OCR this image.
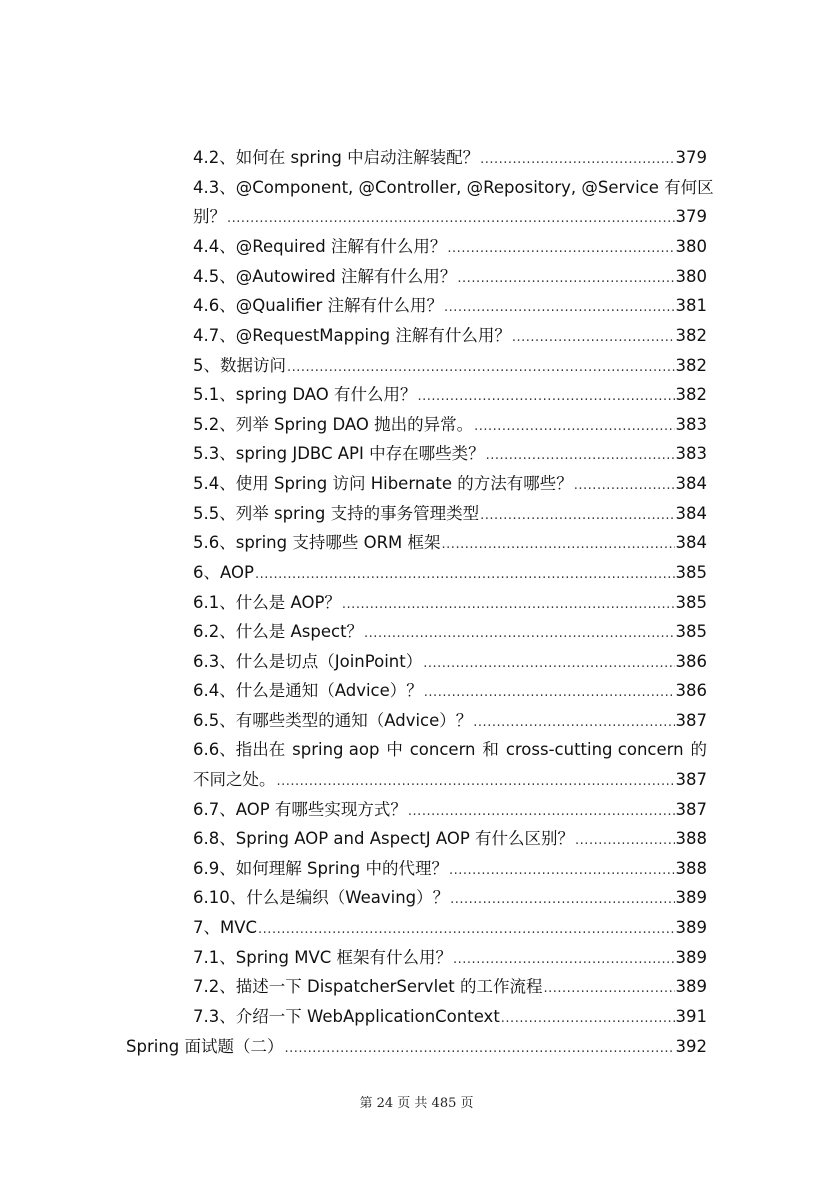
4.2、如何在 spring 中启动注解装配？ .....	379
4.3、@Component, @Controller, @Repository, @Service 有何区
别？ .....	379
4.4、@Required 注解有什么用？ .....	380
4.5、@Autowired 注解有什么用？ .....	380
4.6、@Qualifier 注解有什么用？ .....	381
4.7、@RequestMapping 注解有什么用？ .....	382
5、数据访问 .....	382
5.1、spring DAO 有什么用？ .....	382
5.2、列举 Spring DAO 抛出的异常。 .....	383
5.3、spring JDBC API 中存在哪些类？ .....	383
5.4、使用 Spring 访问 Hibernate 的方法有哪些？ .....	384
5.5、列举 spring 支持的事务管理类型 .....	384
5.6、spring 支持哪些 ORM 框架 .....	384
6、AOP .....	385
6.1、什么是 AOP？ .....	385
6.2、什么是 Aspect？ .....	385
6.3、什么是切点（JoinPoint） .....	386
6.4、什么是通知（Advice）？ .....	386
6.5、有哪些类型的通知（Advice）？ .....	387
6.6、指出在 spring aop 中 concern 和 cross-cutting concern 的
不同之处。 .....	387
6.7、AOP 有哪些实现方式？ .....	387
6.8、Spring AOP and AspectJ AOP 有什么区别？ .....	388
6.9、如何理解 Spring 中的代理？ .....	388
6.10、什么是编织（Weaving）？ .....	389
7、MVC .....	389
7.1、Spring MVC 框架有什么用？ .....	389
7.2、描述一下 DispatcherServlet 的工作流程 .....	389
7.3、介绍一下 WebApplicationContext .....	391
Spring 面试题（二） .....	392
第 24 页 共 485 页
